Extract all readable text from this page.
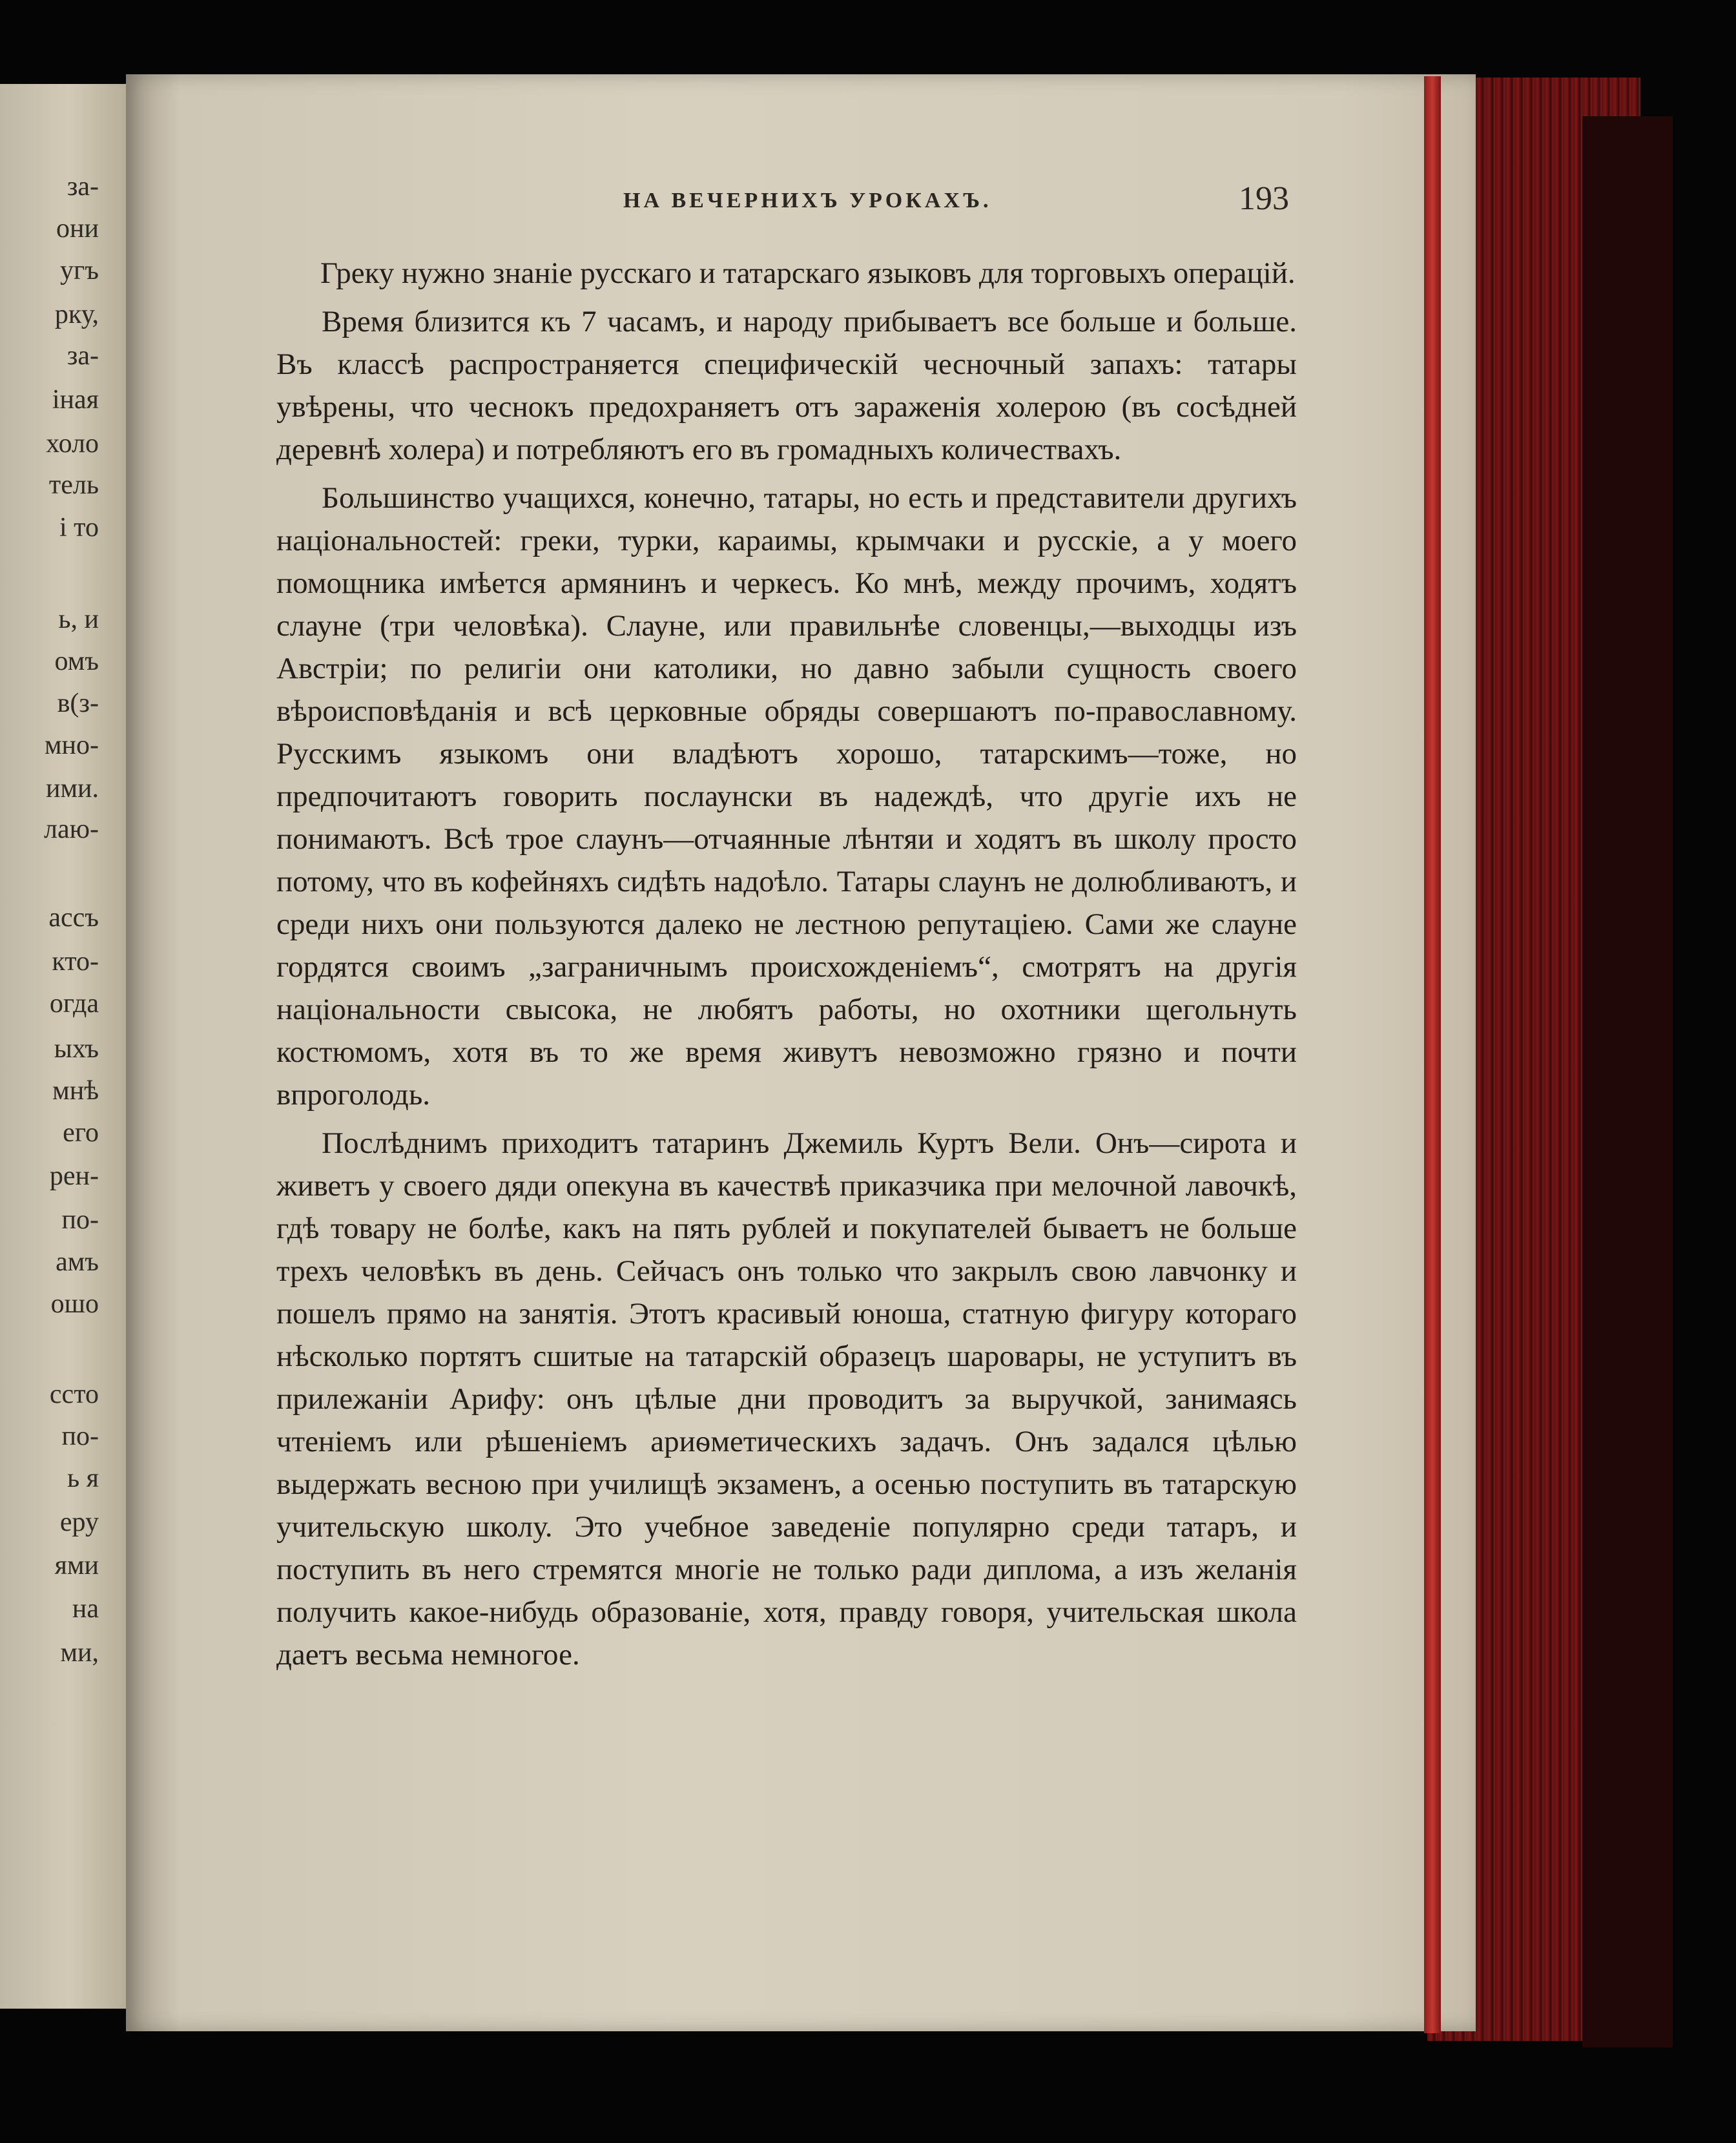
за-
они
угъ
рку,
за-
іная
холо
тель
і то
ь, и
омъ
в(з-
мно-
ими.
лаю-
ассъ
кто-
огда
ыхъ
мнѣ
его
рен-
по-
амъ
ошо
ссто
по-
ь я
еру
ями
на
ми,
НА ВЕЧЕРНИХЪ УРОКАХЪ.	193

Греку нужно знаніе русскаго и татарскаго языковъ для торговыхъ операцій.

Время близится къ 7 часамъ, и народу прибываетъ все больше и больше. Въ классѣ распространяется специфическій чесночный запахъ: татары увѣрены, что чеснокъ предохраняетъ отъ зараженія холерою (въ сосѣдней деревнѣ холера) и потребляютъ его въ громадныхъ количествахъ.

Большинство учащихся, конечно, татары, но есть и представители другихъ національностей: греки, турки, караимы, крымчаки и русскіе, а у моего помощника имѣется армянинъ и черкесъ. Ко мнѣ, между прочимъ, ходятъ слауне (три человѣка). Слауне, или правильнѣе словенцы,—выходцы изъ Австріи; по религіи они католики, но давно забыли сущность своего вѣроисповѣданія и всѣ церковные обряды совершаютъ по-православному. Русскимъ языкомъ они владѣютъ хорошо, татарскимъ—тоже, но предпочитаютъ говорить послаунски въ надеждѣ, что другіе ихъ не понимаютъ. Всѣ трое слаунъ—отчаянные лѣнтяи и ходятъ въ школу просто потому, что въ кофейняхъ сидѣть надоѣло. Татары слаунъ не долюбливаютъ, и среди нихъ они пользуются далеко не лестною репутаціею. Сами же слауне гордятся своимъ „заграничнымъ происхожденіемъ“, смотрятъ на другія національности свысока, не любятъ работы, но охотники щегольнуть костюмомъ, хотя въ то же время живутъ невозможно грязно и почти впроголодь.

Послѣднимъ приходитъ татаринъ Джемиль Куртъ Вели. Онъ—сирота и живетъ у своего дяди опекуна въ качествѣ приказчика при мелочной лавочкѣ, гдѣ товару не болѣе, какъ на пять рублей и покупателей бываетъ не больше трехъ человѣкъ въ день. Сейчасъ онъ только что закрылъ свою лавчонку и пошелъ прямо на занятія. Этотъ красивый юноша, статную фигуру котораго нѣсколько портятъ сшитые на татарскій образецъ шаровары, не уступитъ въ прилежаніи Арифу: онъ цѣлые дни проводитъ за выручкой, занимаясь чтеніемъ или рѣшеніемъ ариѳметическихъ задачъ. Онъ задался цѣлью выдержать весною при училищѣ экзаменъ, а осенью поступить въ татарскую учительскую школу. Это учебное заведеніе популярно среди татаръ, и поступить въ него стремятся многіе не только ради диплома, а изъ желанія получить какое-нибудь образованіе, хотя, правду говоря, учительская школа даетъ весьма немногое.
